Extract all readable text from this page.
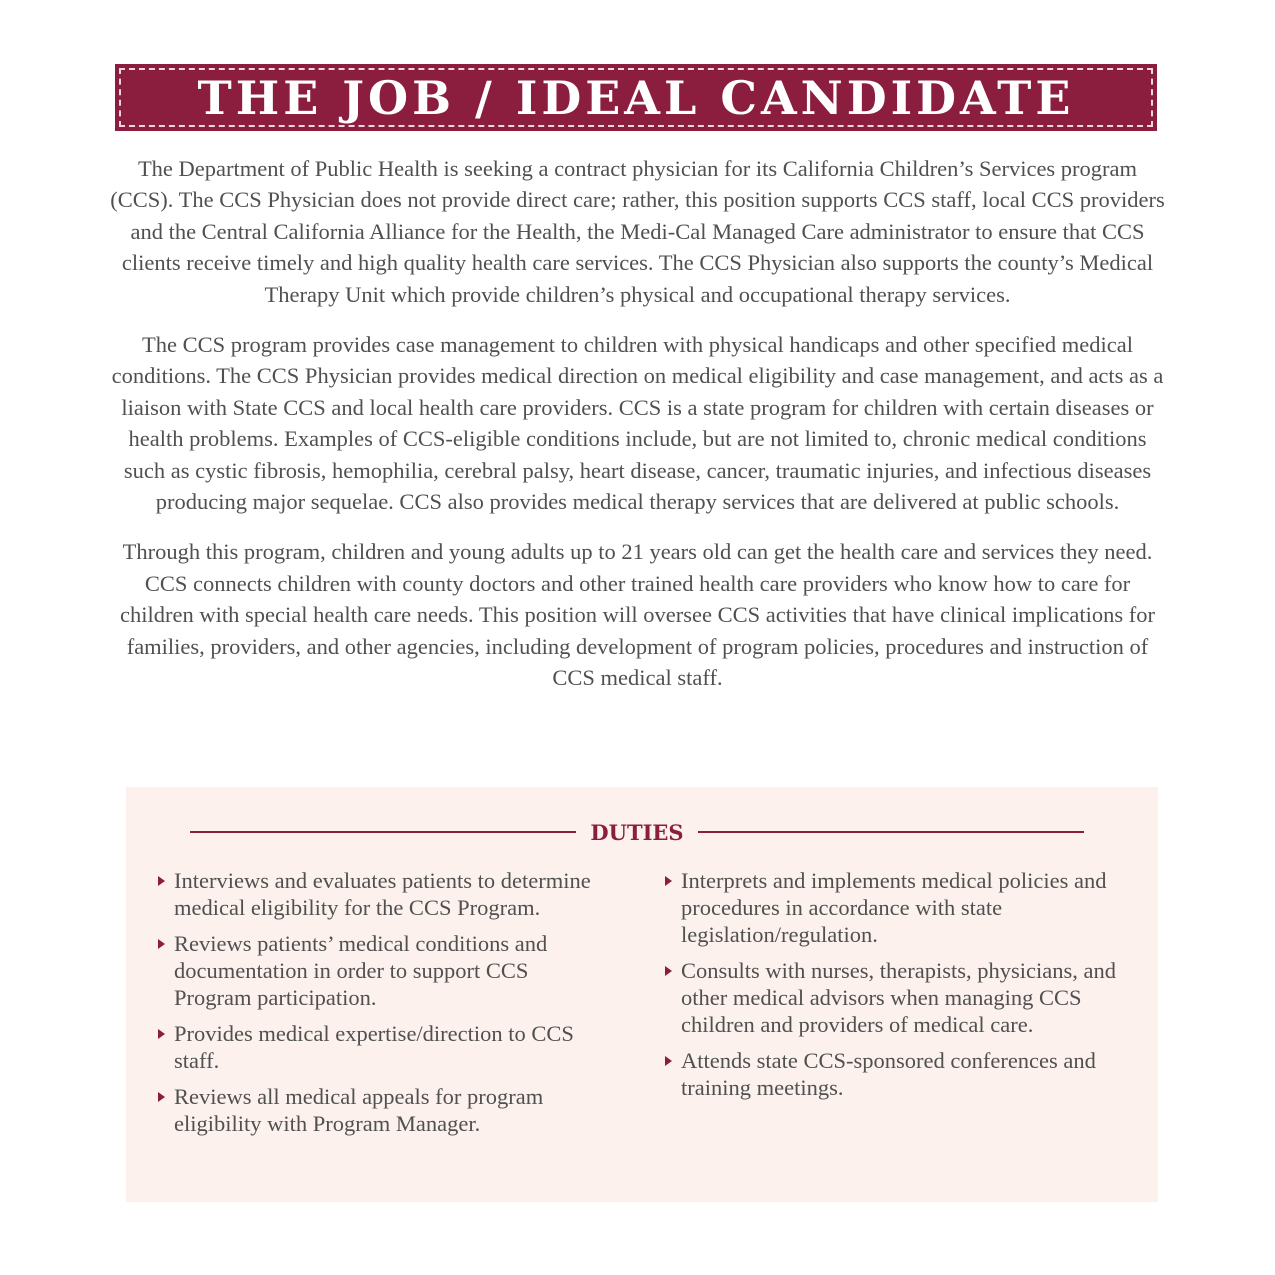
THE JOB / IDEAL CANDIDATE

The Department of Public Health is seeking a contract physician for its California Children’s Services program (CCS). The CCS Physician does not provide direct care; rather, this position supports CCS staff, local CCS providers and the Central California Alliance for the Health, the Medi-Cal Managed Care administrator to ensure that CCS clients receive timely and high quality health care services. The CCS Physician also supports the county’s Medical Therapy Unit which provide children’s physical and occupational therapy services.

The CCS program provides case management to children with physical handicaps and other specified medical conditions. The CCS Physician provides medical direction on medical eligibility and case management, and acts as a liaison with State CCS and local health care providers. CCS is a state program for children with certain diseases or health problems. Examples of CCS-eligible conditions include, but are not limited to, chronic medical conditions such as cystic fibrosis, hemophilia, cerebral palsy, heart disease, cancer, traumatic injuries, and infectious diseases producing major sequelae. CCS also provides medical therapy services that are delivered at public schools.

Through this program, children and young adults up to 21 years old can get the health care and services they need. CCS connects children with county doctors and other trained health care providers who know how to care for children with special health care needs. This position will oversee CCS activities that have clinical implications for families, providers, and other agencies, including development of program policies, procedures and instruction of CCS medical staff.

DUTIES
Interviews and evaluates patients to determine medical eligibility for the CCS Program.
Reviews patients’ medical conditions and documentation in order to support CCS Program participation.
Provides medical expertise/direction to CCS staff.
Reviews all medical appeals for program eligibility with Program Manager.
Interprets and implements medical policies and procedures in accordance with state legislation/regulation.
Consults with nurses, therapists, physicians, and other medical advisors when managing CCS children and providers of medical care.
Attends state CCS-sponsored conferences and training meetings.
